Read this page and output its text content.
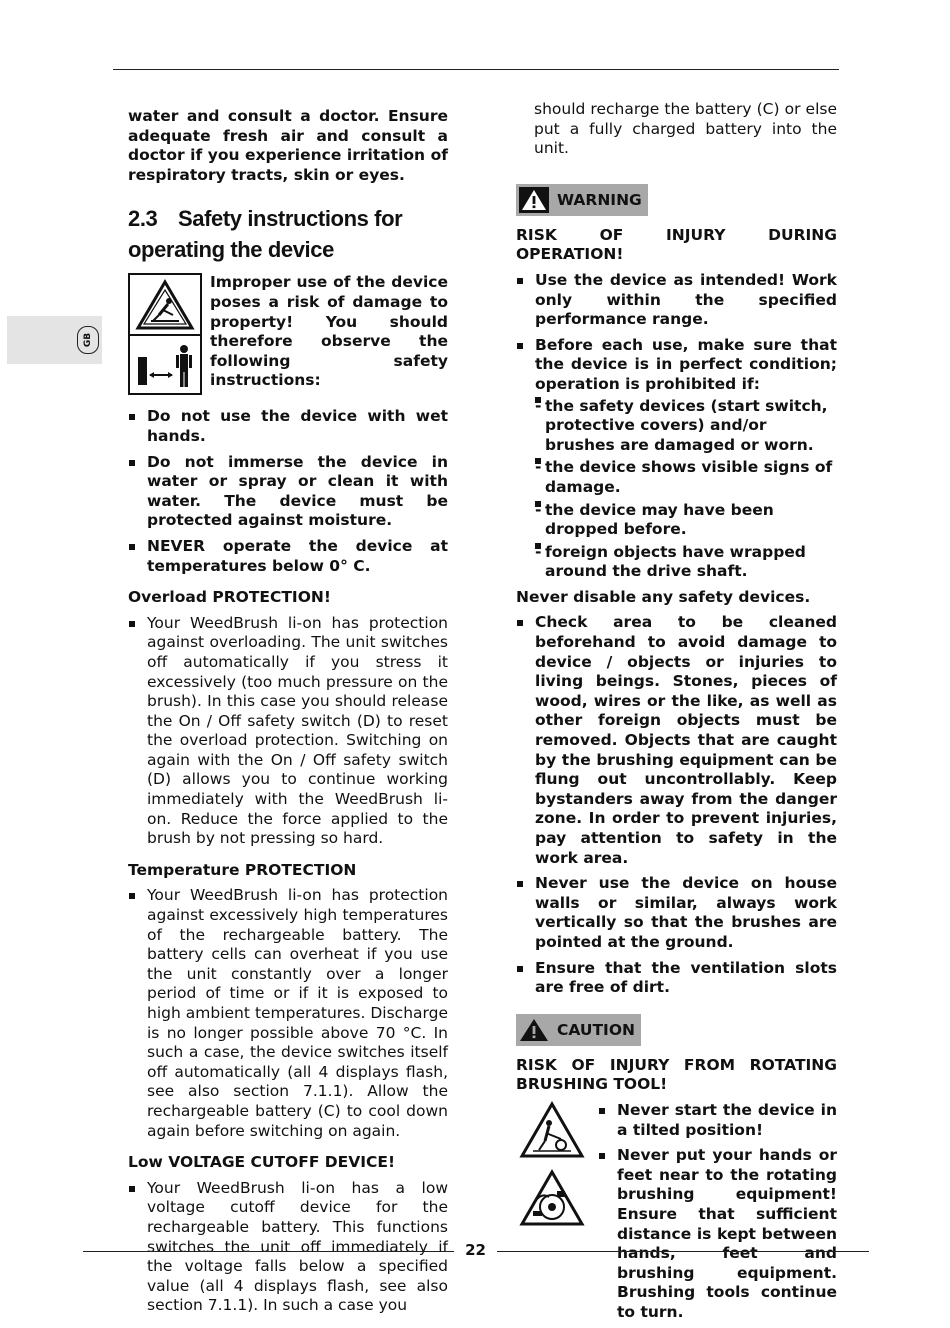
GB

water and consult a doctor. Ensure adequate fresh air and consult a doctor if you experience irritation of respiratory tracts, skin or eyes.

2.3 Safety instructions for operating the device
Improper use of the device poses a risk of damage to property! You should therefore observe the following safety instructions:
Do not use the device with wet hands.
Do not immerse the device in water or spray or clean it with water. The device must be protected against moisture.
NEVER operate the device at temperatures below 0° C.
Overload PROTECTION!
Your WeedBrush li-on has protection against overloading. The unit switches off automatically if you stress it excessively (too much pressure on the brush). In this case you should release the On / Off safety switch (D) to reset the overload protection. Switching on again with the On / Off safety switch (D) allows you to continue working immediately with the WeedBrush li-on. Reduce the force applied to the brush by not pressing so hard.
Temperature PROTECTION
Your WeedBrush li-on has protection against excessively high temperatures of the rechargeable battery. The battery cells can overheat if you use the unit constantly over a longer period of time or if it is exposed to high ambient temperatures. Discharge is no longer possible above 70 °C. In such a case, the device switches itself off automatically (all 4 displays flash, see also section 7.1.1). Allow the rechargeable battery (C) to cool down again before switching on again.
Low VOLTAGE CUTOFF DEVICE!
Your WeedBrush li-on has a low voltage cutoff device for the rechargeable battery. This functions switches the unit off immediately if the voltage falls below a specified value (all 4 displays flash, see also section 7.1.1). In such a case you

should recharge the battery (C) or else put a fully charged battery into the unit.

WARNING
RISK OF INJURY DURING OPERATION!
Use the device as intended! Work only within the specified performance range.
Before each use, make sure that the device is in perfect condition; operation is prohibited if:
- the safety devices (start switch, protective covers) and/or brushes are damaged or worn.
- the device shows visible signs of damage.
- the device may have been dropped before.
- foreign objects have wrapped around the drive shaft.
Never disable any safety devices.
Check area to be cleaned beforehand to avoid damage to device / objects or injuries to living beings. Stones, pieces of wood, wires or the like, as well as other foreign objects must be removed. Objects that are caught by the brushing equipment can be flung out uncontrollably. Keep bystanders away from the danger zone. In order to prevent injuries, pay attention to safety in the work area.
Never use the device on house walls or similar, always work vertically so that the brushes are pointed at the ground.
Ensure that the ventilation slots are free of dirt.
CAUTION
RISK OF INJURY FROM ROTATING BRUSHING TOOL!
Never start the device in a tilted position!
Never put your hands or feet near to the rotating brushing equipment! Ensure that sufficient distance is kept between hands, feet and brushing equipment. Brushing tools continue to turn.
22
